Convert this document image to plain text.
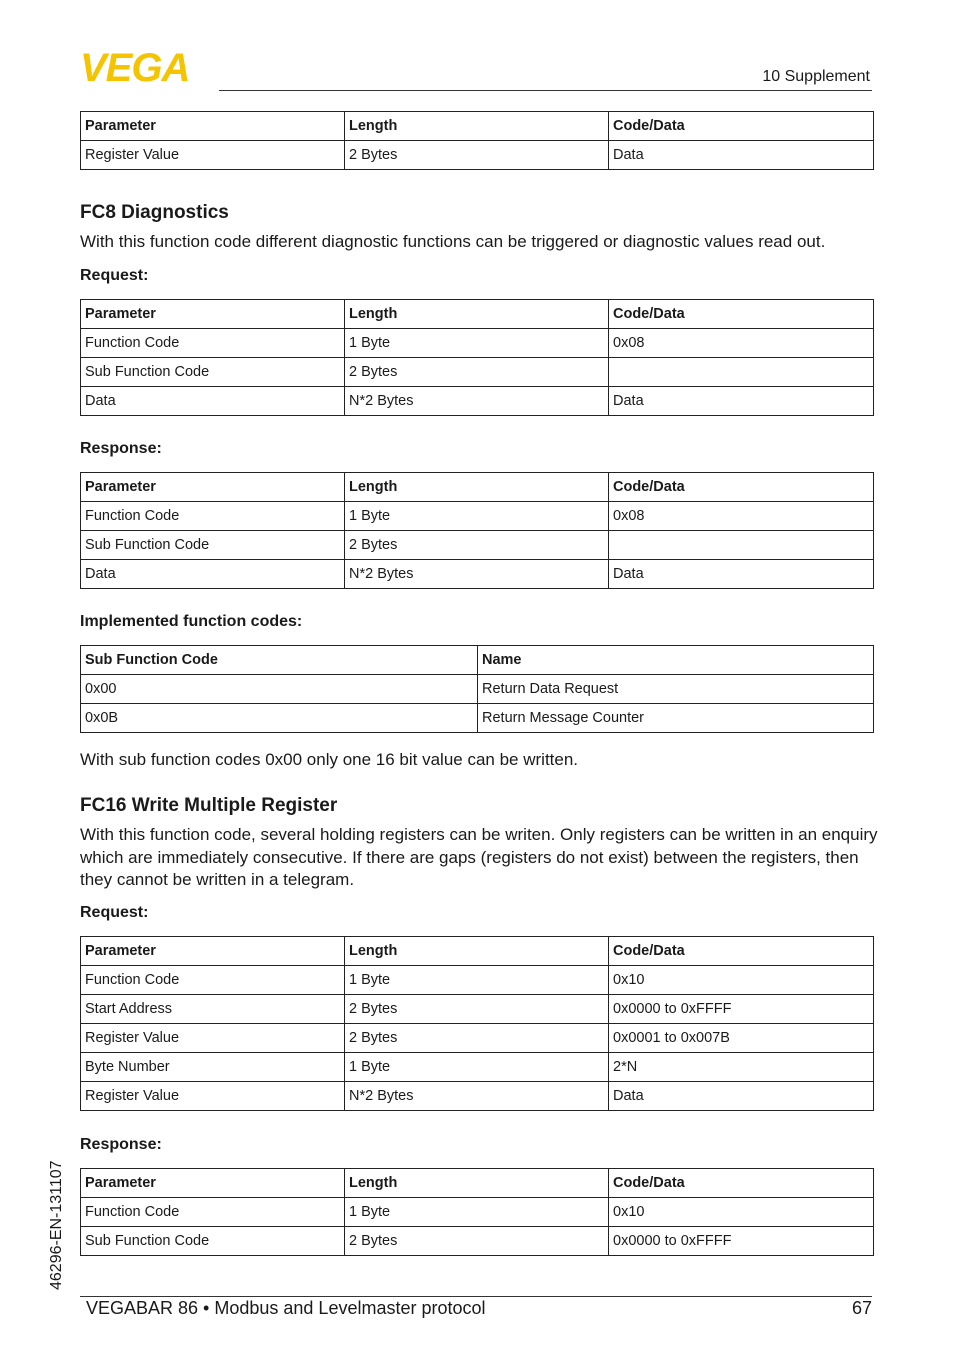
VEGA	10 Supplement
Parameter	Length	Code/Data
Register Value	2 Bytes	Data
FC8 Diagnostics

With this function code different diagnostic functions can be triggered or diagnostic values read out.

Request:
Parameter	Length	Code/Data
Function Code	1 Byte	0x08
Sub Function Code	2 Bytes	
Data	N*2 Bytes	Data
Response:
Parameter	Length	Code/Data
Function Code	1 Byte	0x08
Sub Function Code	2 Bytes	
Data	N*2 Bytes	Data
Implemented function codes:
Sub Function Code	Name
0x00	Return Data Request
0x0B	Return Message Counter

With sub function codes 0x00 only one 16 bit value can be written.

FC16 Write Multiple Register

With this function code, several holding registers can be writen. Only registers can be written in an enquiry which are immediately consecutive. If there are gaps (registers do not exist) between the registers, then they cannot be written in a telegram.

Request:
Parameter	Length	Code/Data
Function Code	1 Byte	0x10
Start Address	2 Bytes	0x0000 to 0xFFFF
Register Value	2 Bytes	0x0001 to 0x007B
Byte Number	1 Byte	2*N
Register Value	N*2 Bytes	Data
Response:
Parameter	Length	Code/Data
Function Code	1 Byte	0x10
Sub Function Code	2 Bytes	0x0000 to 0xFFFF
46296-EN-131107
VEGABAR 86 • Modbus and Levelmaster protocol	67
